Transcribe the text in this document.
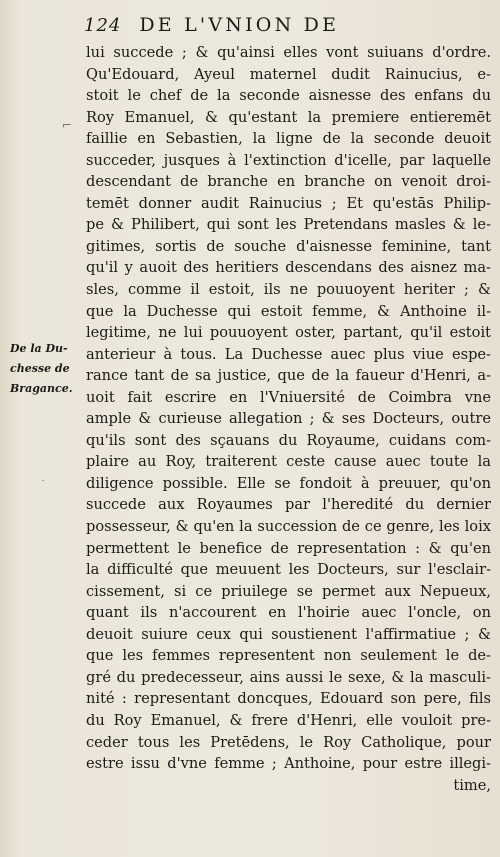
124 DE L'VNION DE
De la Du-
chesse de
Bragance.
⌐
˙
lui succede ; & qu'ainsi elles vont suiuans d'ordre.
Qu'Edouard, Ayeul maternel dudit Rainucius, e-
stoit le chef de la seconde aisnesse des enfans du
Roy Emanuel, & qu'estant la premiere entieremēt
faillie en Sebastien, la ligne de la seconde deuoit
succeder, jusques à l'extinction d'icelle, par laquelle
descendant de branche en branche on venoit droi-
temēt donner audit Rainucius ; Et qu'estās Philip-
pe & Philibert, qui sont les Pretendans masles & le-
gitimes, sortis de souche d'aisnesse feminine, tant
qu'il y auoit des heritiers descendans des aisnez ma-
sles, comme il estoit, ils ne pouuoyent heriter ; &
que la Duchesse qui estoit femme, & Anthoine il-
legitime, ne lui pouuoyent oster, partant, qu'il estoit
anterieur à tous. La Duchesse auec plus viue espe-
rance tant de sa justice, que de la faueur d'Henri, a-
uoit fait escrire en l'Vniuersité de Coimbra vne
ample & curieuse allegation ; & ses Docteurs, outre
qu'ils sont des sçauans du Royaume, cuidans com-
plaire au Roy, traiterent ceste cause auec toute la
diligence possible. Elle se fondoit à preuuer, qu'on
succede aux Royaumes par l'heredité du dernier
possesseur, & qu'en la succession de ce genre, les loix
permettent le benefice de representation : & qu'en
la difficulté que meuuent les Docteurs, sur l'esclair-
cissement, si ce priuilege se permet aux Nepueux,
quant ils n'accourent en l'hoirie auec l'oncle, on
deuoit suiure ceux qui soustienent l'affirmatiue ; &
que les femmes representent non seulement le de-
gré du predecesseur, ains aussi le sexe, & la masculi-
nité : representant doncques, Edouard son pere, fils
du Roy Emanuel, & frere d'Henri, elle vouloit pre-
ceder tous les Pretēdens, le Roy Catholique, pour
estre issu d'vne femme ; Anthoine, pour estre illegi-
time,
